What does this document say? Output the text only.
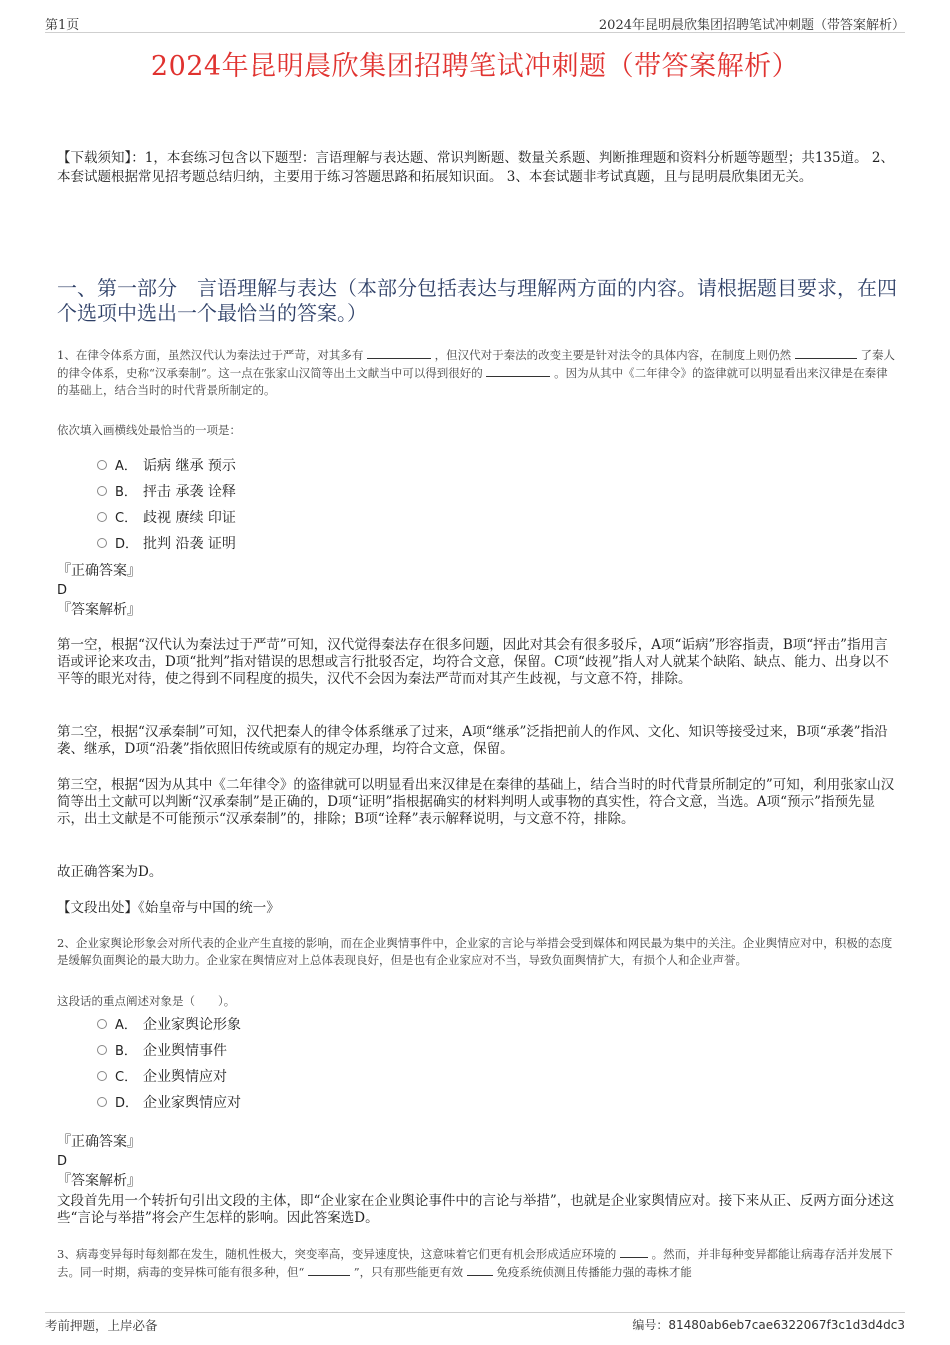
第1页	2024年昆明晨欣集团招聘笔试冲刺题（带答案解析）
2024年昆明晨欣集团招聘笔试冲刺题（带答案解析）
【下载须知】：1，本套练习包含以下题型：言语理解与表达题、常识判断题、数量关系题、判断推理题和资料分析题等题型；共135道。 2、本套试题根据常见招考题总结归纳，主要用于练习答题思路和拓展知识面。 3、本套试题非考试真题，且与昆明晨欣集团无关。
一、第一部分　言语理解与表达（本部分包括表达与理解两方面的内容。请根据题目要求，在四个选项中选出一个最恰当的答案。）
1、在律令体系方面，虽然汉代认为秦法过于严苛，对其多有	，但汉代对于秦法的改变主要是针对法令的具体内容，在制度上则仍然	了秦人的律令体系，史称“汉承秦制”。这一点在张家山汉简等出土文献当中可以得到很好的	。因为从其中《二年律令》的盗律就可以明显看出来汉律是在秦律的基础上，结合当时的时代背景所制定的。
依次填入画横线处最恰当的一项是：
A． 诟病 继承 预示
B． 抨击 承袭 诠释
C． 歧视 赓续 印证
D． 批判 沿袭 证明
『正确答案』
D
『答案解析』
第一空，根据“汉代认为秦法过于严苛”可知，汉代觉得秦法存在很多问题，因此对其会有很多驳斥，A项“诟病”形容指责，B项“抨击”指用言语或评论来攻击，D项“批判”指对错误的思想或言行批驳否定，均符合文意，保留。C项“歧视”指人对人就某个缺陷、缺点、能力、出身以不平等的眼光对待，使之得到不同程度的损失，汉代不会因为秦法严苛而对其产生歧视，与文意不符，排除。
第二空，根据“汉承秦制”可知，汉代把秦人的律令体系继承了过来，A项“继承”泛指把前人的作风、文化、知识等接受过来，B项“承袭”指沿袭、继承，D项“沿袭”指依照旧传统或原有的规定办理，均符合文意，保留。
第三空，根据“因为从其中《二年律令》的盗律就可以明显看出来汉律是在秦律的基础上，结合当时的时代背景所制定的”可知，利用张家山汉简等出土文献可以判断“汉承秦制”是正确的，D项“证明”指根据确实的材料判明人或事物的真实性，符合文意，当选。A项“预示”指预先显示，出土文献是不可能预示“汉承秦制”的，排除；B项“诠释”表示解释说明，与文意不符，排除。
故正确答案为D。
【文段出处】《始皇帝与中国的统一》
2、企业家舆论形象会对所代表的企业产生直接的影响，而在企业舆情事件中，企业家的言论与举措会受到媒体和网民最为集中的关注。企业舆情应对中，积极的态度是缓解负面舆论的最大助力。企业家在舆情应对上总体表现良好，但是也有企业家应对不当，导致负面舆情扩大，有损个人和企业声誉。
这段话的重点阐述对象是（　　）。
A． 企业家舆论形象
B． 企业舆情事件
C． 企业舆情应对
D． 企业家舆情应对
『正确答案』
D
『答案解析』
文段首先用一个转折句引出文段的主体，即“企业家在企业舆论事件中的言论与举措”，也就是企业家舆情应对。接下来从正、反两方面分述这些“言论与举措”将会产生怎样的影响。因此答案选D。
3、病毒变异每时每刻都在发生，随机性极大，突变率高，变异速度快，这意味着它们更有机会形成适应环境的	。然而，并非每种变异都能让病毒存活并发展下去。同一时期，病毒的变异株可能有很多种，但“	”，只有那些能更有效	免疫系统侦测且传播能力强的毒株才能
考前押题，上岸必备	编号：81480ab6eb7cae6322067f3c1d3d4dc3
